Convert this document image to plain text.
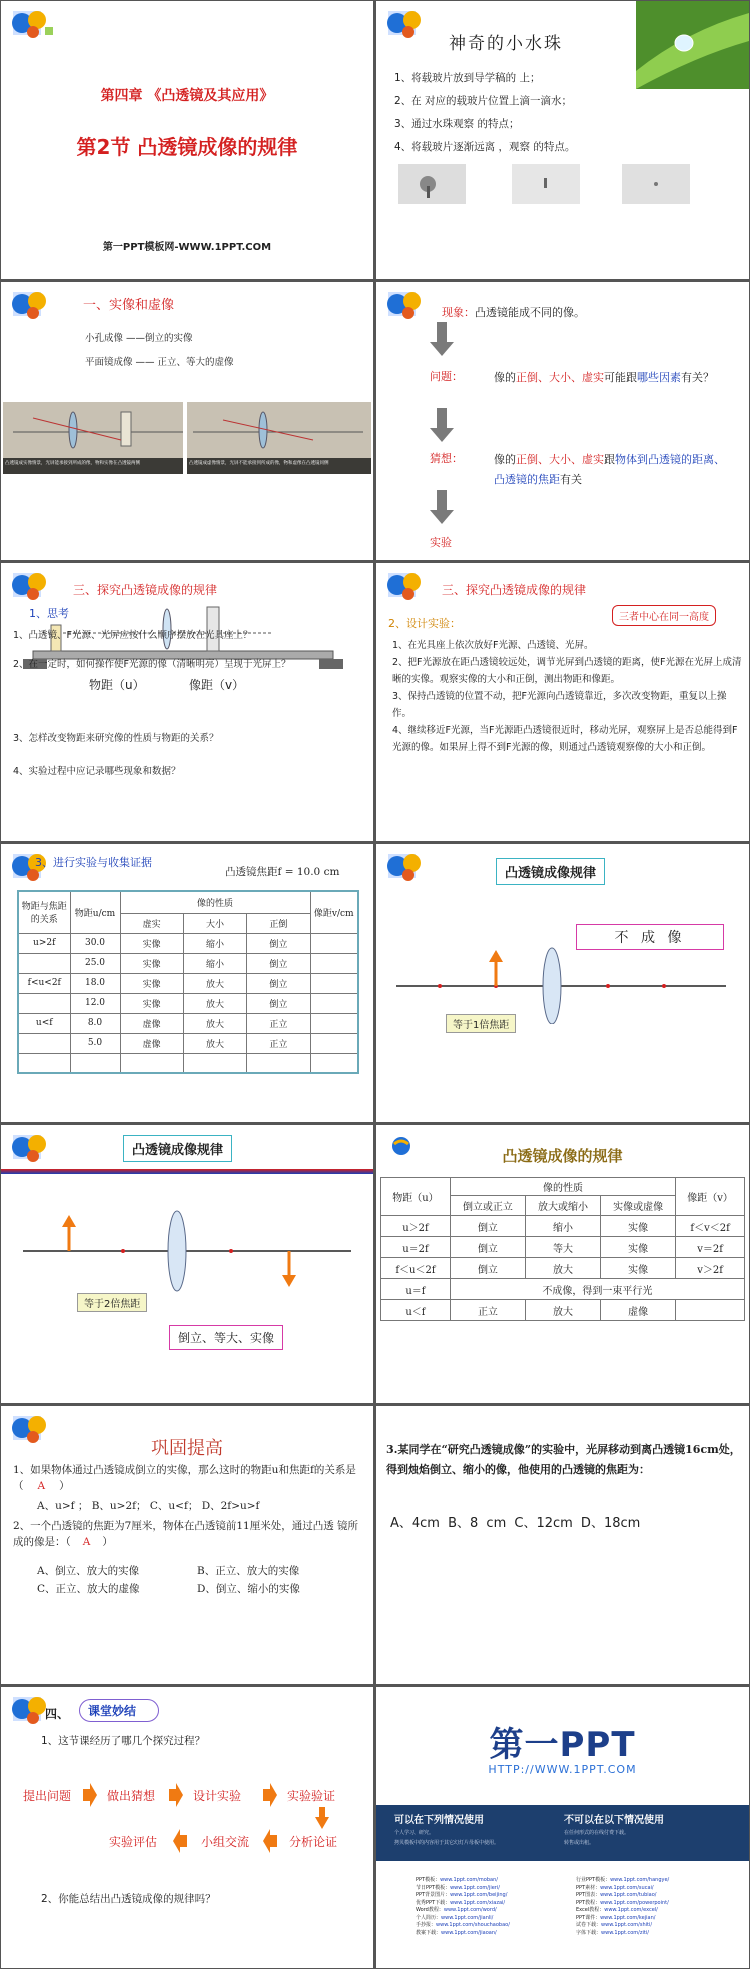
第四章 《凸透镜及其应用》
第2节 凸透镜成像的规律
第一PPT模板网-WWW.1PPT.COM
神奇的小水珠
1、将载玻片放到导学稿的 上；
2、在 对应的载玻片位置上滴一滴水；
3、通过水珠观察 的特点；
4、将载玻片逐渐远离 ，观察 的特点。
一、实像和虚像
小孔成像 ——倒立的实像
平面镜成像 —— 正立、等大的虚像
凸透镜成实像情景，光屏能承接到所成的像，物和实像在凸透镜两侧	凸透镜成虚像情景，光屏不能承接到所成的像，物和虚像在凸透镜同侧
现象：凸透镜能成不同的像。
问题：	像的正倒、大小、虚实可能跟哪些因素有关？
猜想：	像的正倒、大小、虚实跟物体到凸透镜的距离、凸透镜的焦距有关
实验
三、探究凸透镜成像的规律
1、思考
1、凸透镜、F光源、光屏应按什么顺序摆放在光具座上？
2、在一定时，如何操作使F光源的像（清晰明亮）呈现于光屏上？
物距（u）	像距（v）
3、怎样改变物距来研究像的性质与物距的关系？
4、实验过程中应记录哪些现象和数据？
三、探究凸透镜成像的规律
三者中心在同一高度
2、设计实验：
1、在光具座上依次放好F光源、凸透镜、光屏。
2、把F光源放在距凸透镜较远处，调节光屏到凸透镜的距离，使F光源在光屏上成清晰的实像。观察实像的大小和正倒，测出物距和像距。
3、保持凸透镜的位置不动，把F光源向凸透镜靠近，多次改变物距，重复以上操作。
4、继续移近F光源，当F光源距凸透镜很近时，移动光屏，观察屏上是否总能得到F光源的像。如果屏上得不到F光源的像，则通过凸透镜观察像的大小和正倒。
3、进行实验与收集证据
凸透镜焦距f = 10.0 cm
物距与焦距的关系	物距u/cm	像的性质			像距v/cm
		虚实	大小	正倒	
u>2f	30.0	实像	缩小	倒立	
	25.0	实像	缩小	倒立	
f<u<2f	18.0	实像	放大	倒立	
	12.0	实像	放大	倒立	
u<f	8.0	虚像	放大	正立	
	5.0	虚像	放大	正立	

凸透镜成像规律
不 成 像
等于1倍焦距
凸透镜成像规律
等于2倍焦距
倒立、等大、实像
凸透镜成像的规律
物距（u）	像的性质			像距（v）
	倒立或正立	放大或缩小	实像或虚像	
u＞2f	倒立	缩小	实像	f＜v＜2f
u＝2f	倒立	等大	实像	v＝2f
f＜u＜2f	倒立	放大	实像	v＞2f
u＝f	不成像，得到一束平行光			
u＜f	正立	放大	虚像	
巩固提高
1、如果物体通过凸透镜成倒立的实像，那么这时的物距u和焦距f的关系是（ A ）
A、u>f ； B、u>2f； C、u<f； D、2f>u>f
2、一个凸透镜的焦距为7厘米，物体在凸透镜前11厘米处，通过凸透 镜所成的像是：（ A ）
A、倒立、放大的实像	B、正立、放大的实像
C、正立、放大的虚像	D、倒立、缩小的实像
3.某同学在“研究凸透镜成像”的实验中，光屏移动到离凸透镜16cm处，得到烛焰倒立、缩小的像，他使用的凸透镜的焦距为：
A、4cm B、8 cm C、12cm D、18cm
四、	课堂妙结
1、这节课经历了哪几个探究过程？
提出问题	做出猜想	设计实验	实验验证
分析论证
小组交流
实验评估
2、你能总结出凸透镜成像的规律吗？
第一PPT
HTTP://WWW.1PPT.COM
可以在下列情况使用
个人学习、研究。
拷贝模板中的内容用于其它幻灯片母板中使用。
不可以在以下情况使用
在任何形式的在线付费下载。
转售或出租。
PPT模板：www.1ppt.com/moban/
节日PPT模板：www.1ppt.com/jieri/
PPT背景图片：www.1ppt.com/beijing/
优秀PPT下载：www.1ppt.com/xiazai/
Word教程：www.1ppt.com/word/
个人简历：www.1ppt.com/jianli/
手抄报：www.1ppt.com/shouchaobao/
教案下载：www.1ppt.com/jiaoan/
行业PPT模板：www.1ppt.com/hangye/
PPT素材：www.1ppt.com/sucai/
PPT图表：www.1ppt.com/tubiao/
PPT教程：www.1ppt.com/powerpoint/
Excel教程：www.1ppt.com/excel/
PPT课件：www.1ppt.com/kejian/
试卷下载：www.1ppt.com/shiti/
字体下载：www.1ppt.com/ziti/
